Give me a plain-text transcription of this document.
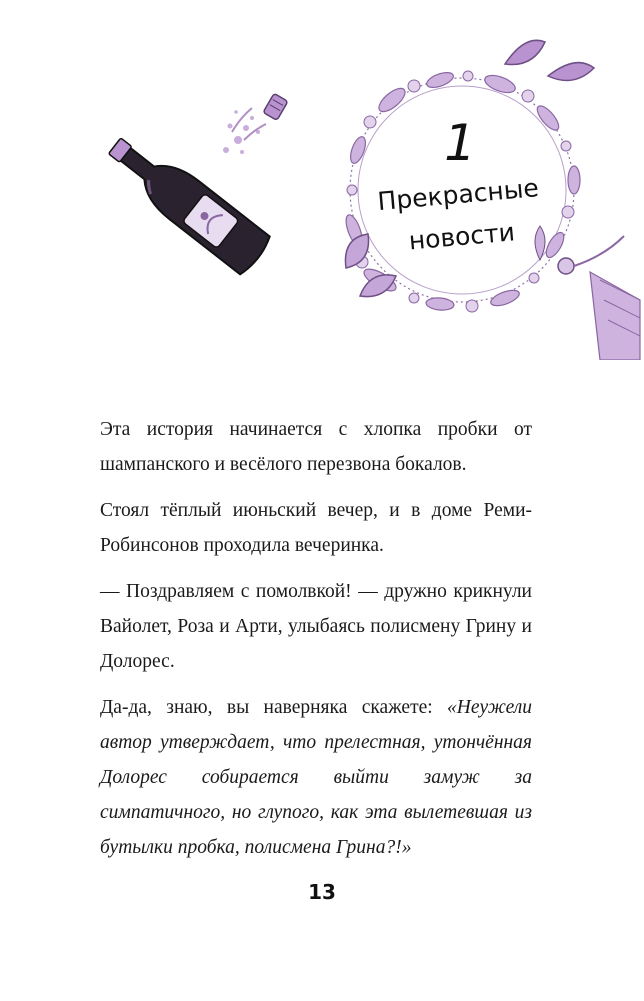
1
Прекрасные
новости

Эта история начинается с хлопка пробки от шампанского и весёлого перезвона бокалов.

Стоял тёплый июньский вечер, и в доме Реми-Робинсонов проходила вечеринка.

— Поздравляем с помолвкой! — дружно крикнули Вайолет, Роза и Арти, улыбаясь полисмену Грину и Долорес.

Да-да, знаю, вы наверняка скажете: «Неужели автор утверждает, что прелестная, утончённая Долорес собирается выйти замуж за симпатичного, но глупого, как эта вылетевшая из бутылки пробка, полисмена Грина?!»

13
